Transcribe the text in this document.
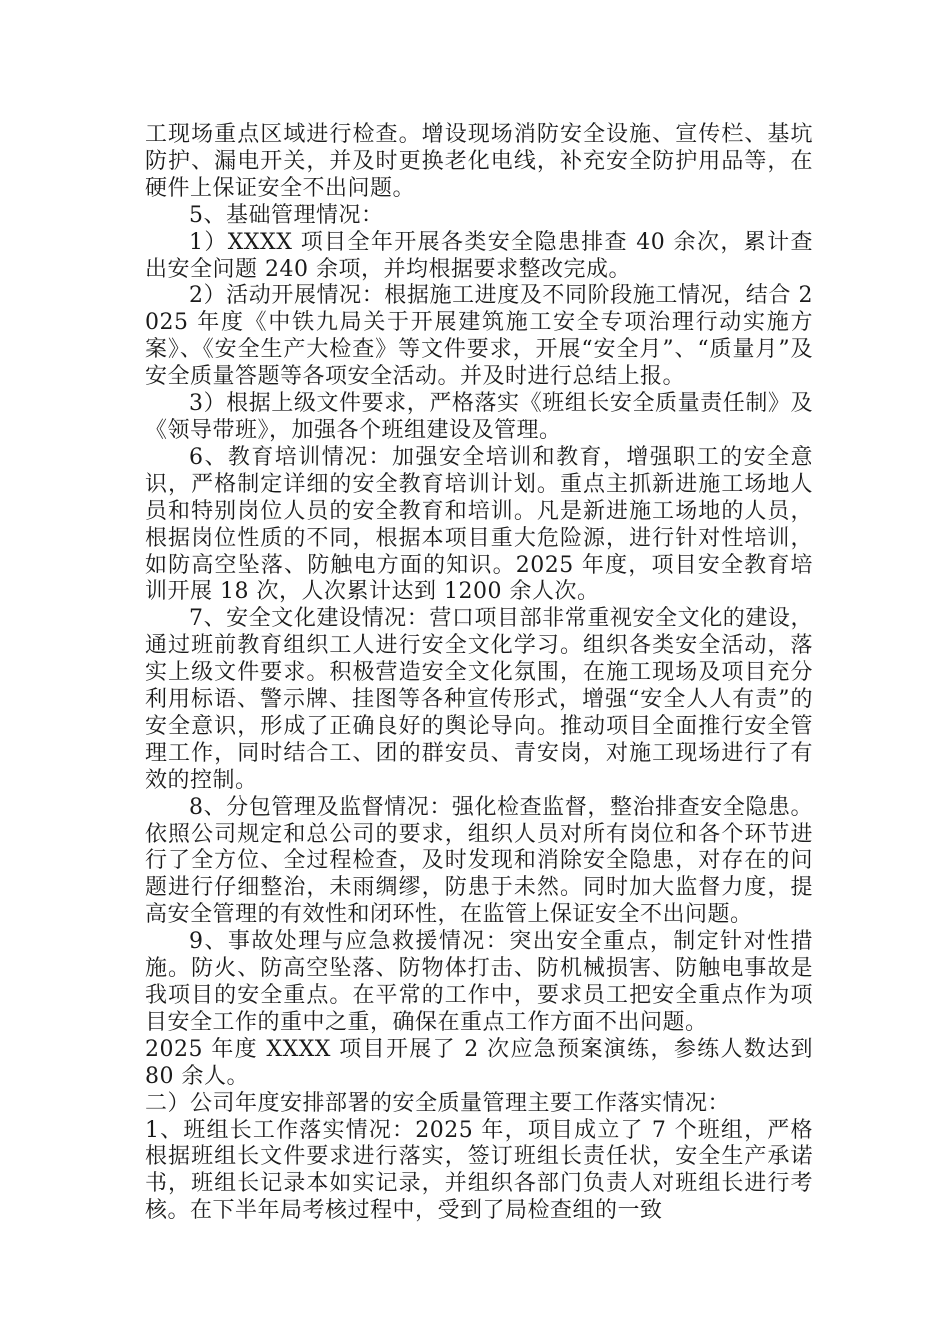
工现场重点区域进行检查。增设现场消防安全设施、宣传栏、基坑防护、漏电开关，并及时更换老化电线，补充安全防护用品等，在硬件上保证安全不出问题。

5、基础管理情况：

1）XXXX 项目全年开展各类安全隐患排查 40 余次，累计查出安全问题 240 余项，并均根据要求整改完成。

2）活动开展情况：根据施工进度及不同阶段施工情况，结合 2025 年度《中铁九局关于开展建筑施工安全专项治理行动实施方案》、《安全生产大检查》等文件要求，开展“安全月”、“质量月”及安全质量答题等各项安全活动。并及时进行总结上报。

3）根据上级文件要求，严格落实《班组长安全质量责任制》及《领导带班》，加强各个班组建设及管理。

6、教育培训情况：加强安全培训和教育，增强职工的安全意识，严格制定详细的安全教育培训计划。重点主抓新进施工场地人员和特别岗位人员的安全教育和培训。凡是新进施工场地的人员，根据岗位性质的不同，根据本项目重大危险源，进行针对性培训，如防高空坠落、防触电方面的知识。2025 年度，项目安全教育培训开展 18 次，人次累计达到 1200 余人次。

7、安全文化建设情况：营口项目部非常重视安全文化的建设，通过班前教育组织工人进行安全文化学习。组织各类安全活动，落实上级文件要求。积极营造安全文化氛围，在施工现场及项目充分利用标语、警示牌、挂图等各种宣传形式，增强“安全人人有责”的安全意识，形成了正确良好的舆论导向。推动项目全面推行安全管理工作，同时结合工、团的群安员、青安岗，对施工现场进行了有效的控制。

8、分包管理及监督情况：强化检查监督，整治排查安全隐患。依照公司规定和总公司的要求，组织人员对所有岗位和各个环节进行了全方位、全过程检查，及时发现和消除安全隐患，对存在的问题进行仔细整治，未雨绸缪，防患于未然。同时加大监督力度，提高安全管理的有效性和闭环性，在监管上保证安全不出问题。

9、事故处理与应急救援情况：突出安全重点，制定针对性措施。防火、防高空坠落、防物体打击、防机械损害、防触电事故是我项目的安全重点。在平常的工作中，要求员工把安全重点作为项目安全工作的重中之重，确保在重点工作方面不出问题。

2025 年度 XXXX 项目开展了 2 次应急预案演练，参练人数达到 80 余人。

二）公司年度安排部署的安全质量管理主要工作落实情况：

1、班组长工作落实情况：2025 年，项目成立了 7 个班组，严格根据班组长文件要求进行落实，签订班组长责任状，安全生产承诺书，班组长记录本如实记录，并组织各部门负责人对班组长进行考核。在下半年局考核过程中，受到了局检查组的一致
